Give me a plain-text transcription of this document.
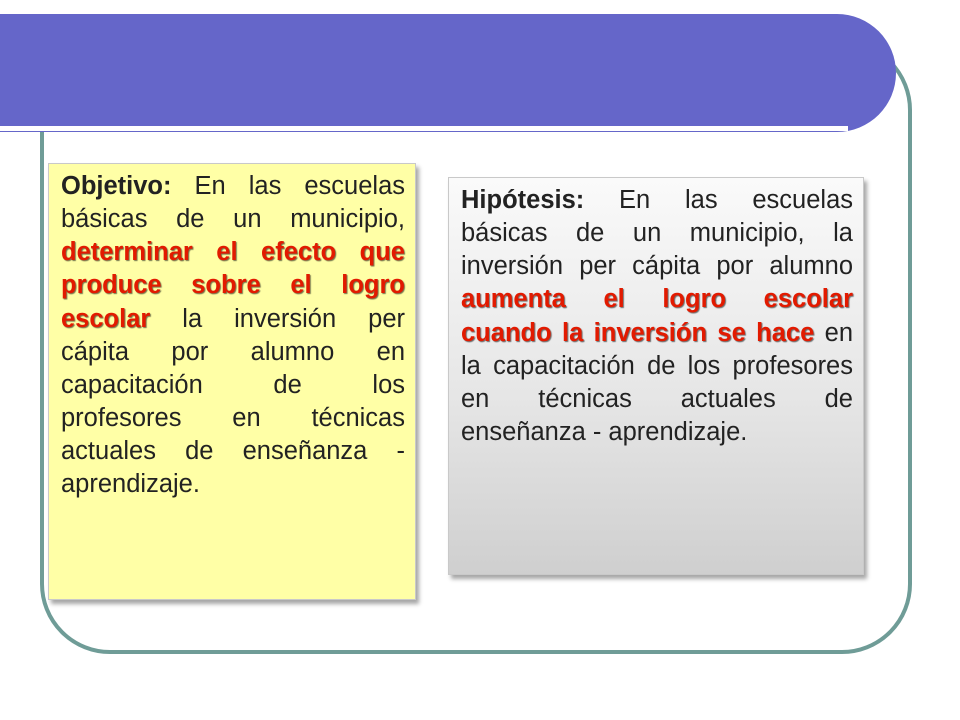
Objetivo: En las escuelas básicas de un municipio, determinar el efecto que produce sobre el logro escolar la inversión per cápita por alumno en capacitación de los profesores en técnicas actuales de enseñanza - aprendizaje.
Hipótesis: En las escuelas básicas de un municipio, la inversión per cápita por alumno aumenta el logro escolar cuando la inversión se hace en la capacitación de los profesores en técnicas actuales de enseñanza - aprendizaje.
